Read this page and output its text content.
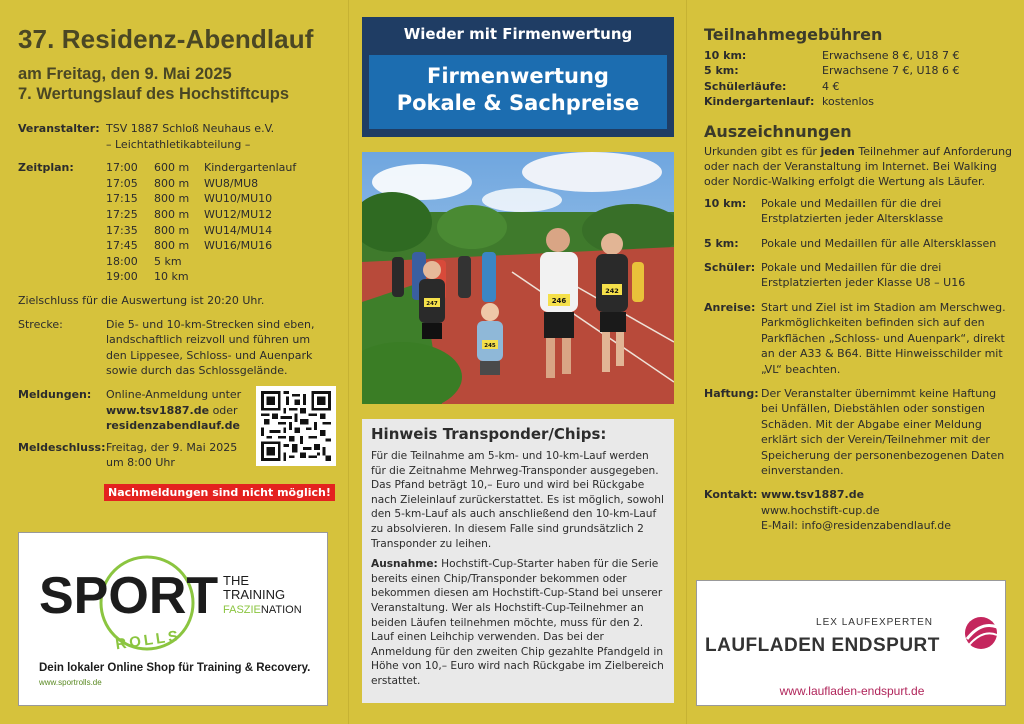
37. Residenz-Abendlauf
am Freitag, den 9. Mai 2025
7. Wertungslauf des Hochstiftcups
Veranstalter: TSV 1887 Schloß Neuhaus e.V.
– Leichtathletikabteilung –
Zeitplan:	17:00	600 m	Kindergartenlauf
17:05	800 m	WU8/MU8
17:15	800 m	WU10/MU10
17:25	800 m	WU12/MU12
17:35	800 m	WU14/MU14
17:45	800 m	WU16/MU16
18:00	5 km	
19:00	10 km	
Zielschluss für die Auswertung ist 20:20 Uhr.
Strecke:	Die 5- und 10-km-Strecken sind eben, landschaftlich reizvoll und führen um den Lippesee, Schloss- und Auenpark sowie durch das Schlossgelände.
Meldungen:	Online-Anmeldung unter
www.tsv1887.de oder
residenzabendlauf.de
Meldeschluss: Freitag, der 9. Mai 2025
um 8:00 Uhr
Nachmeldungen sind nicht möglich!
SPORT
ROLLS
THE
TRAINING
FASZIENATION
Dein lokaler Online Shop für Training & Recovery.
www.sportrolls.de
Wieder mit Firmenwertung
Firmenwertung
Pokale & Sachpreise
246
242
247
245
Hinweis Transponder/Chips:

Für die Teilnahme am 5-km- und 10-km-Lauf werden für die Zeitnahme Mehrweg-Transponder ausgegeben. Das Pfand beträgt 10,– Euro und wird bei Rückgabe nach Zieleinlauf zurückerstattet. Es ist möglich, sowohl den 5-km-Lauf als auch anschließend den 10-km-Lauf zu absolvieren. In diesem Falle sind grundsätzlich 2 Transponder zu leihen.

Ausnahme: Hochstift-Cup-Starter haben für die Serie bereits einen Chip/Transponder bekommen oder bekommen diesen am Hochstift-Cup-Stand bei unserer Veranstaltung. Wer als Hochstift-Cup-Teilnehmer an beiden Läufen teilnehmen möchte, muss für den 2. Lauf einen Leihchip verwenden. Das bei der Anmeldung für den zweiten Chip gezahlte Pfandgeld in Höhe von 10,– Euro wird nach Rückgabe im Zielbereich erstattet.

Teilnahmegebühren
10 km:	Erwachsene 8 €, U18 7 €
5 km:	Erwachsene 7 €, U18 6 €
Schülerläufe:	4 €
Kindergartenlauf:	kostenlos
Auszeichnungen
Urkunden gibt es für jeden Teilnehmer auf Anforderung oder nach der Veranstaltung im Internet. Bei Walking oder Nordic-Walking erfolgt die Wertung als Läufer.
10 km:	Pokale und Medaillen für die drei Erstplatzierten jeder Altersklasse
5 km:	Pokale und Medaillen für alle Altersklassen
Schüler: Pokale und Medaillen für die drei Erstplatzierten jeder Klasse U8 – U16
Anreise: Start und Ziel ist im Stadion am Merschweg. Parkmöglichkeiten befinden sich auf den Parkflächen „Schloss- und Auenpark“, direkt an der A33 & B64. Bitte Hinweisschilder mit „VL“ beachten.
Haftung: Der Veranstalter übernimmt keine Haftung bei Unfällen, Diebstählen oder sonstigen Schäden. Mit der Abgabe einer Meldung erklärt sich der Verein/Teilnehmer mit der Speicherung der personenbezogenen Daten einverstanden.
Kontakt: www.tsv1887.de
www.hochstift-cup.de
E-Mail: info@residenzabendlauf.de
LEX LAUFEXPERTEN
LAUFLADEN ENDSPURT
www.laufladen-endspurt.de
